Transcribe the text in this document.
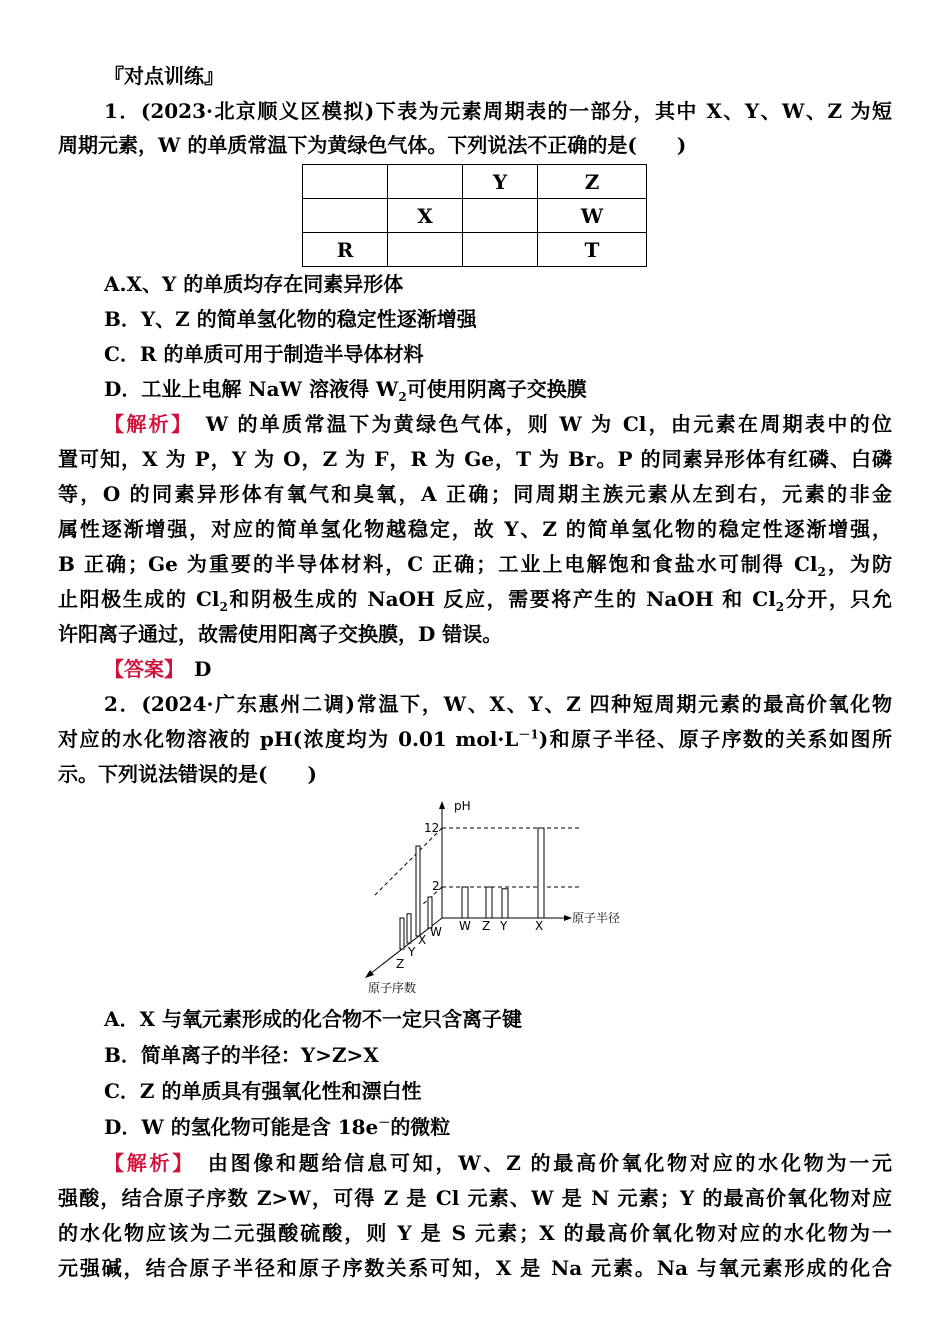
『对点训练』
1．(2023·北京顺义区模拟)下表为元素周期表的一部分，其中 X、Y、W、Z 为短
周期元素，W 的单质常温下为黄绿色气体。下列说法不正确的是(　　)
		Y	Z
	X		W
R			T
A.X、Y 的单质均存在同素异形体
B．Y、Z 的简单氢化物的稳定性逐渐增强
C．R 的单质可用于制造半导体材料
D．工业上电解 NaW 溶液得 $W_2$可使用阴离子交换膜
【解析】　 W 的单质常温下为黄绿色气体，则 W 为 Cl，由元素在周期表中的位
置可知，X 为 P，Y 为 O，Z 为 F，R 为 Ge，T 为 Br。P 的同素异形体有红磷、白磷
等，O 的同素异形体有氧气和臭氧，A 正确；同周期主族元素从左到右，元素的非金
属性逐渐增强，对应的简单氢化物越稳定，故 Y、Z 的简单氢化物的稳定性逐渐增强，
B 正确；Ge 为重要的半导体材料，C 正确；工业上电解饱和食盐水可制得 $Cl_2$，为防
止阳极生成的 $Cl_2$和阴极生成的 NaOH 反应，需要将产生的 NaOH 和 $Cl_2$分开，只允
许阳离子通过，故需使用阳离子交换膜，D 错误。
【答案】　 D
2．(2024·广东惠州二调)常温下，W、X、Y、Z 四种短周期元素的最高价氧化物
对应的水化物溶液的 pH(浓度均为 0.01 $mol\cdot L^{-1}$)和原子半径、原子序数的关系如图所
示。下列说法错误的是(　　)
pH
12
2
W Z Y X
原子半径
Z
Y
X
W
原子序数
A．X 与氧元素形成的化合物不一定只含离子键
B．简单离子的半径：Y>Z>X
C．Z 的单质具有强氧化性和漂白性
D．W 的氢化物可能是含 18e－的微粒
【解析】　 由图像和题给信息可知，W、Z 的最高价氧化物对应的水化物为一元
强酸，结合原子序数 Z>W，可得 Z 是 Cl 元素、W 是 N 元素；Y 的最高价氧化物对应
的水化物应该为二元强酸硫酸，则 Y 是 S 元素；X 的最高价氧化物对应的水化物为一
元强碱，结合原子半径和原子序数关系可知，X 是 Na 元素。Na 与氧元素形成的化合
